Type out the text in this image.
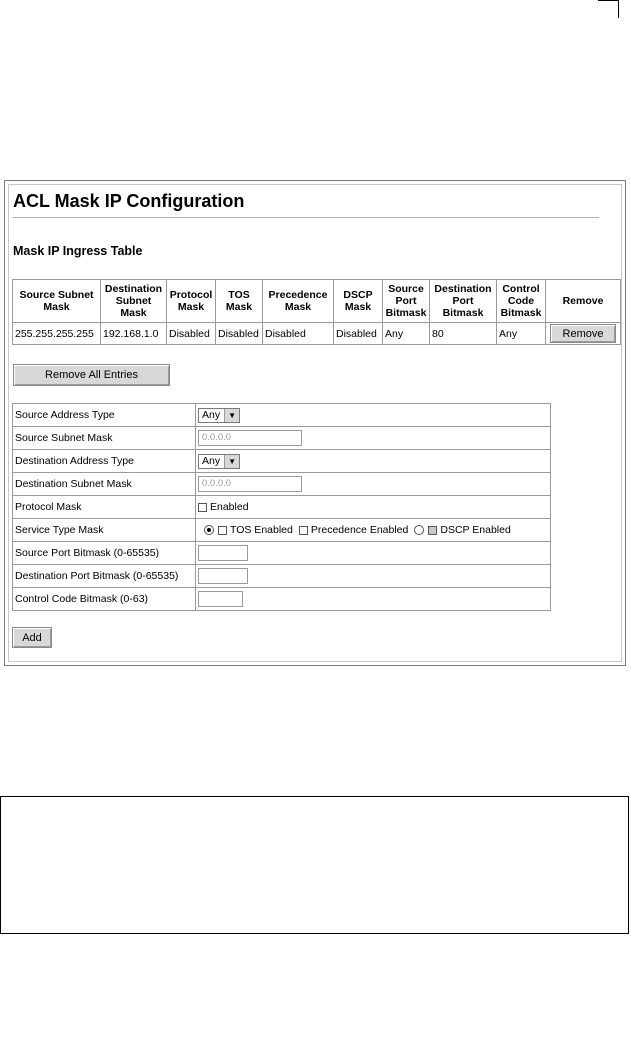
ACL Mask IP Configuration
Mask IP Ingress Table
Source Subnet Mask	Destination Subnet Mask	Protocol Mask	TOS Mask	Precedence Mask	DSCP Mask	Source Port Bitmask	Destination Port Bitmask	Control Code Bitmask	Remove
255.255.255.255	192.168.1.0	Disabled	Disabled	Disabled	Disabled	Any	80	Any	Remove
Remove All Entries
Source Address Type	Any ▼

Source Subnet Mask	0.0.0.0
Destination Address Type	Any ▼

Destination Subnet Mask	0.0.0.0
Protocol Mask	Enabled
Service Type Mask	TOS Enabled Precedence Enabled DSCP Enabled
Source Port Bitmask (0-65535)	
Destination Port Bitmask (0-65535)	
Control Code Bitmask (0-63)	
Add
